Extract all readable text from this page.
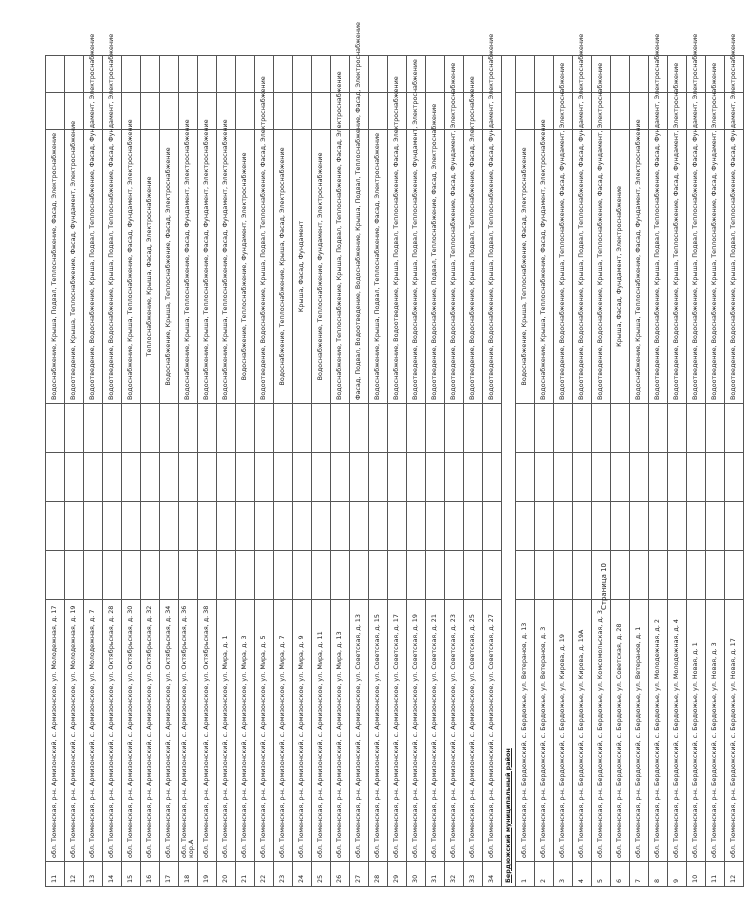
11	обл. Тюменская, р-н. Армизонский, с. Армизонское, ул. Молодежная, д. 17					Водоснабжение, Крыша, Подвал, Теплоснабжение, Фасад, Электроснабжение		
12	обл. Тюменская, р-н. Армизонский, с. Армизонское, ул. Молодежная, д. 19					Водоотведение, Крыша, Теплоснабжение, Фасад, Фундамент, Электроснабжение		
13	обл. Тюменская, р-н. Армизонский, с. Армизонское, ул. Молодежная, д. 7					Водоотведение, Водоснабжение, Крыша, Подвал, Теплоснабжение, Фасад, Фундамент, Электроснабжение		
14	обл. Тюменская, р-н. Армизонский, с. Армизонское, ул. Октябрьская, д. 28					Водоотведение, Водоснабжение, Крыша, Подвал, Теплоснабжение, Фасад, Фундамент, Электроснабжение		
15	обл. Тюменская, р-н. Армизонский, с. Армизонское, ул. Октябрьская, д. 30					Водоснабжение, Крыша, Теплоснабжение, Фасад, Фундамент, Электроснабжение		
16	обл. Тюменская, р-н. Армизонский, с. Армизонское, ул. Октябрьская, д. 32					Теплоснабжение, Крыша, Фасад, Электроснабжение		
17	обл. Тюменская, р-н. Армизонский, с. Армизонское, ул. Октябрьская, д. 34					Водоснабжение, Крыша, Теплоснабжение, Фасад, Электроснабжение		
18	обл. Тюменская, р-н. Армизонский, с. Армизонское, ул. Октябрьская, д. 36 кор.А					Водоснабжение, Крыша, Теплоснабжение, Фасад, Фундамент, Электроснабжение		
19	обл. Тюменская, р-н. Армизонский, с. Армизонское, ул. Октябрьская, д. 38					Водоснабжение, Крыша, Теплоснабжение, Фасад, Фундамент, Электроснабжение		
20	обл. Тюменская, р-н. Армизонский, с. Армизонское, ул. Мира, д. 1					Водоснабжение, Крыша, Теплоснабжение, Фасад, Фундамент, Электроснабжение		
21	обл. Тюменская, р-н. Армизонский, с. Армизонское, ул. Мира, д. 3					Водоснабжение, Теплоснабжение, Фундамент, Электроснабжение		
22	обл. Тюменская, р-н. Армизонский, с. Армизонское, ул. Мира, д. 5					Водоотведение, Водоснабжение, Крыша, Подвал, Теплоснабжение, Фасад, Электроснабжение		
23	обл. Тюменская, р-н. Армизонский, с. Армизонское, ул. Мира, д. 7					Водоснабжение, Теплоснабжение, Крыша, Фасад, Электроснабжение		
24	обл. Тюменская, р-н. Армизонский, с. Армизонское, ул. Мира, д. 9					Крыша, Фасад, Фундамент		
25	обл. Тюменская, р-н. Армизонский, с. Армизонское, ул. Мира, д. 11					Водоснабжение, Теплоснабжение, Фундамент, Электроснабжение		
26	обл. Тюменская, р-н. Армизонский, с. Армизонское, ул. Мира, д. 13					Водоснабжение, Теплоснабжение, Крыша, Подвал, Теплоснабжение, Фасад, Электроснабжение		
27	обл. Тюменская, р-н. Армизонский, с. Армизонское, ул. Советская, д. 13					Фасад, Подвал, Водоотведение, Водоснабжение, Крыша, Подвал, Теплоснабжение, Фасад, Электроснабжение		
28	обл. Тюменская, р-н. Армизонский, с. Армизонское, ул. Советская, д. 15					Водоснабжение, Крыша, Подвал, Теплоснабжение, Фасад, Электроснабжение		
29	обл. Тюменская, р-н. Армизонский, с. Армизонское, ул. Советская, д. 17					Водоснабжение, Водоотведение, Крыша, Подвал, Теплоснабжение, Фасад, Электроснабжение		
30	обл. Тюменская, р-н. Армизонский, с. Армизонское, ул. Советская, д. 19					Водоотведение, Водоснабжение, Крыша, Подвал, Теплоснабжение, Фундамент, Электроснабжение		
31	обл. Тюменская, р-н. Армизонский, с. Армизонское, ул. Советская, д. 21					Водоотведение, Водоснабжение, Подвал, Теплоснабжение, Фасад, Электроснабжение		
32	обл. Тюменская, р-н. Армизонский, с. Армизонское, ул. Советская, д. 23					Водоотведение, Водоснабжение, Крыша, Теплоснабжение, Фасад, Фундамент, Электроснабжение		
33	обл. Тюменская, р-н. Армизонский, с. Армизонское, ул. Советская, д. 25					Водоотведение, Водоснабжение, Крыша, Подвал, Теплоснабжение, Фасад, Электроснабжение		
34	обл. Тюменская, р-н. Армизонский, с. Армизонское, ул. Советская, д. 27					Водоотведение, Водоснабжение, Крыша, Подвал, Теплоснабжение, Фасад, Фундамент, Электроснабжение		
Бердюжский муниципальный район								
1	обл. Тюменская, р-н. Бердюжский, с. Бердюжье, ул. Ветеранов, д. 13					Водоснабжение, Крыша, Теплоснабжение, Фасад, Электроснабжение		
2	обл. Тюменская, р-н. Бердюжский, с. Бердюжье, ул. Ветеранов, д. 3					Водоснабжение, Крыша, Теплоснабжение, Фасад, Фундамент, Электроснабжение		
3	обл. Тюменская, р-н. Бердюжский, с. Бердюжье, ул. Кирова, д. 19					Водоотведение, Водоснабжение, Крыша, Теплоснабжение, Фасад, Фундамент, Электроснабжение		
4	обл. Тюменская, р-н. Бердюжский, с. Бердюжье, ул. Кирова, д. 19А					Водоотведение, Водоснабжение, Крыша, Подвал, Теплоснабжение, Фасад, Фундамент, Электроснабжение		
5	обл. Тюменская, р-н. Бердюжский, с. Бердюжье, ул. Комсомольская, д. 3					Водоотведение, Водоснабжение, Крыша, Теплоснабжение, Фасад, Фундамент, Электроснабжение		
6	обл. Тюменская, р-н. Бердюжский, с. Бердюжье, ул. Советская, д. 28					Крыша, Фасад, Фундамент, Электроснабжение		
7	обл. Тюменская, р-н. Бердюжский, с. Бердюжье, ул. Ветеранов, д. 1					Водоснабжение, Крыша, Теплоснабжение, Фасад, Фундамент, Электроснабжение		
8	обл. Тюменская, р-н. Бердюжский, с. Бердюжье, ул. Молодежная, д. 2					Водоотведение, Водоснабжение, Крыша, Подвал, Теплоснабжение, Фасад, Фундамент, Электроснабжение		
9	обл. Тюменская, р-н. Бердюжский, с. Бердюжье, ул. Молодежная, д. 4					Водоотведение, Водоснабжение, Крыша, Теплоснабжение, Фасад, Фундамент, Электроснабжение		
10	обл. Тюменская, р-н. Бердюжский, с. Бердюжье, ул. Новая, д. 1					Водоотведение, Водоснабжение, Крыша, Подвал, Теплоснабжение, Фасад, Фундамент, Электроснабжение		
11	обл. Тюменская, р-н. Бердюжский, с. Бердюжье, ул. Новая, д. 3					Водоотведение, Водоснабжение, Крыша, Теплоснабжение, Фасад, Фундамент, Электроснабжение		
12	обл. Тюменская, р-н. Бердюжский, с. Бердюжье, ул. Новая, д. 17					Водоотведение, Водоснабжение, Крыша, Подвал, Теплоснабжение, Фасад, Фундамент, Электроснабжение		
Страница 10
